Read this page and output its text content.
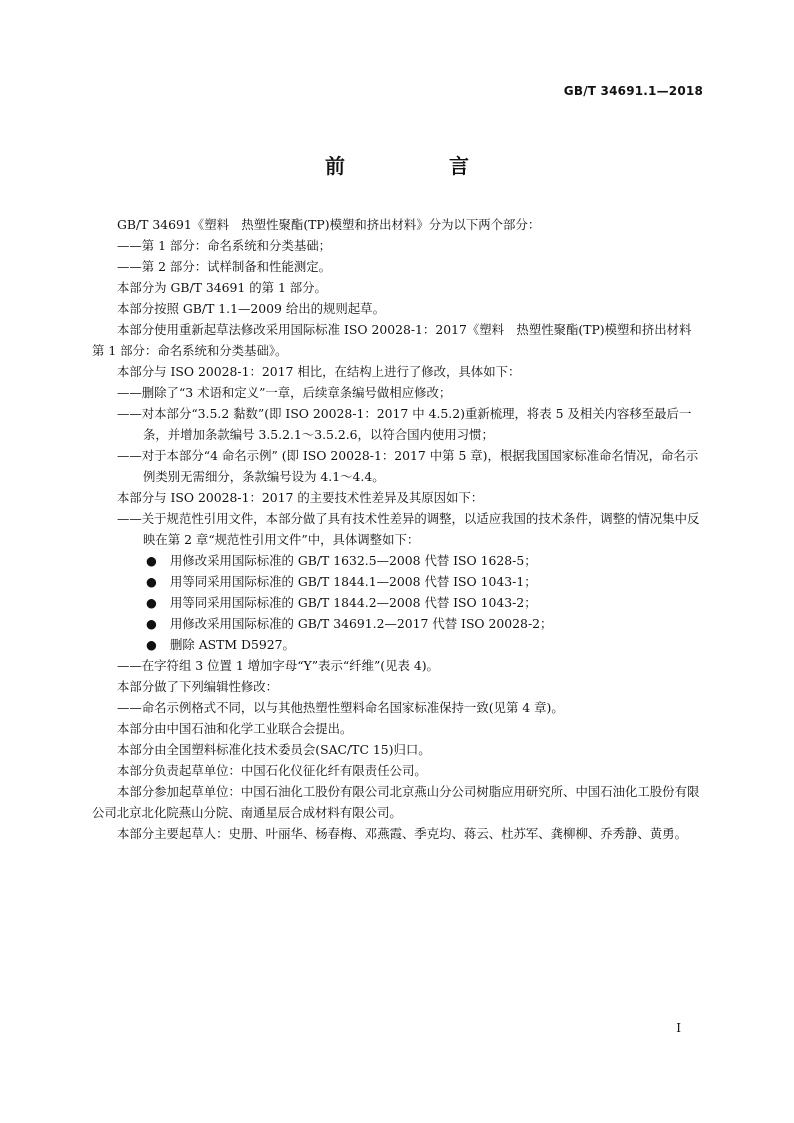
GB/T 34691.1—2018
前　言

GB/T 34691《塑料　热塑性聚酯(TP)模塑和挤出材料》分为以下两个部分：

——第 1 部分：命名系统和分类基础；

——第 2 部分：试样制备和性能测定。

本部分为 GB/T 34691 的第 1 部分。

本部分按照 GB/T 1.1—2009 给出的规则起草。

本部分使用重新起草法修改采用国际标准 ISO 20028-1：2017《塑料　热塑性聚酯(TP)模塑和挤出材料　第 1 部分：命名系统和分类基础》。

本部分与 ISO 20028-1：2017 相比，在结构上进行了修改，具体如下：

——删除了“3 术语和定义”一章，后续章条编号做相应修改；

——对本部分“3.5.2 黏数”(即 ISO 20028-1：2017 中 4.5.2)重新梳理，将表 5 及相关内容移至最后一条，并增加条款编号 3.5.2.1～3.5.2.6，以符合国内使用习惯；

——对于本部分“4 命名示例” (即 ISO 20028-1：2017 中第 5 章)，根据我国国家标准命名情况，命名示例类别无需细分，条款编号设为 4.1～4.4。

本部分与 ISO 20028-1：2017 的主要技术性差异及其原因如下：

——关于规范性引用文件，本部分做了具有技术性差异的调整，以适应我国的技术条件，调整的情况集中反映在第 2 章“规范性引用文件”中，具体调整如下：

● 用修改采用国际标准的 GB/T 1632.5—2008 代替 ISO 1628-5；

● 用等同采用国际标准的 GB/T 1844.1—2008 代替 ISO 1043-1；

● 用等同采用国际标准的 GB/T 1844.2—2008 代替 ISO 1043-2；

● 用修改采用国际标准的 GB/T 34691.2—2017 代替 ISO 20028-2；

● 删除 ASTM D5927。

——在字符组 3 位置 1 增加字母“Y”表示“纤维”(见表 4)。

本部分做了下列编辑性修改：

——命名示例格式不同，以与其他热塑性塑料命名国家标准保持一致(见第 4 章)。

本部分由中国石油和化学工业联合会提出。

本部分由全国塑料标准化技术委员会(SAC/TC 15)归口。

本部分负责起草单位：中国石化仪征化纤有限责任公司。

本部分参加起草单位：中国石油化工股份有限公司北京燕山分公司树脂应用研究所、中国石油化工股份有限公司北京北化院燕山分院、南通星辰合成材料有限公司。

本部分主要起草人：史册、叶丽华、杨春梅、邓燕霞、季克均、蒋云、杜苏军、龚柳柳、乔秀静、黄勇。

I
